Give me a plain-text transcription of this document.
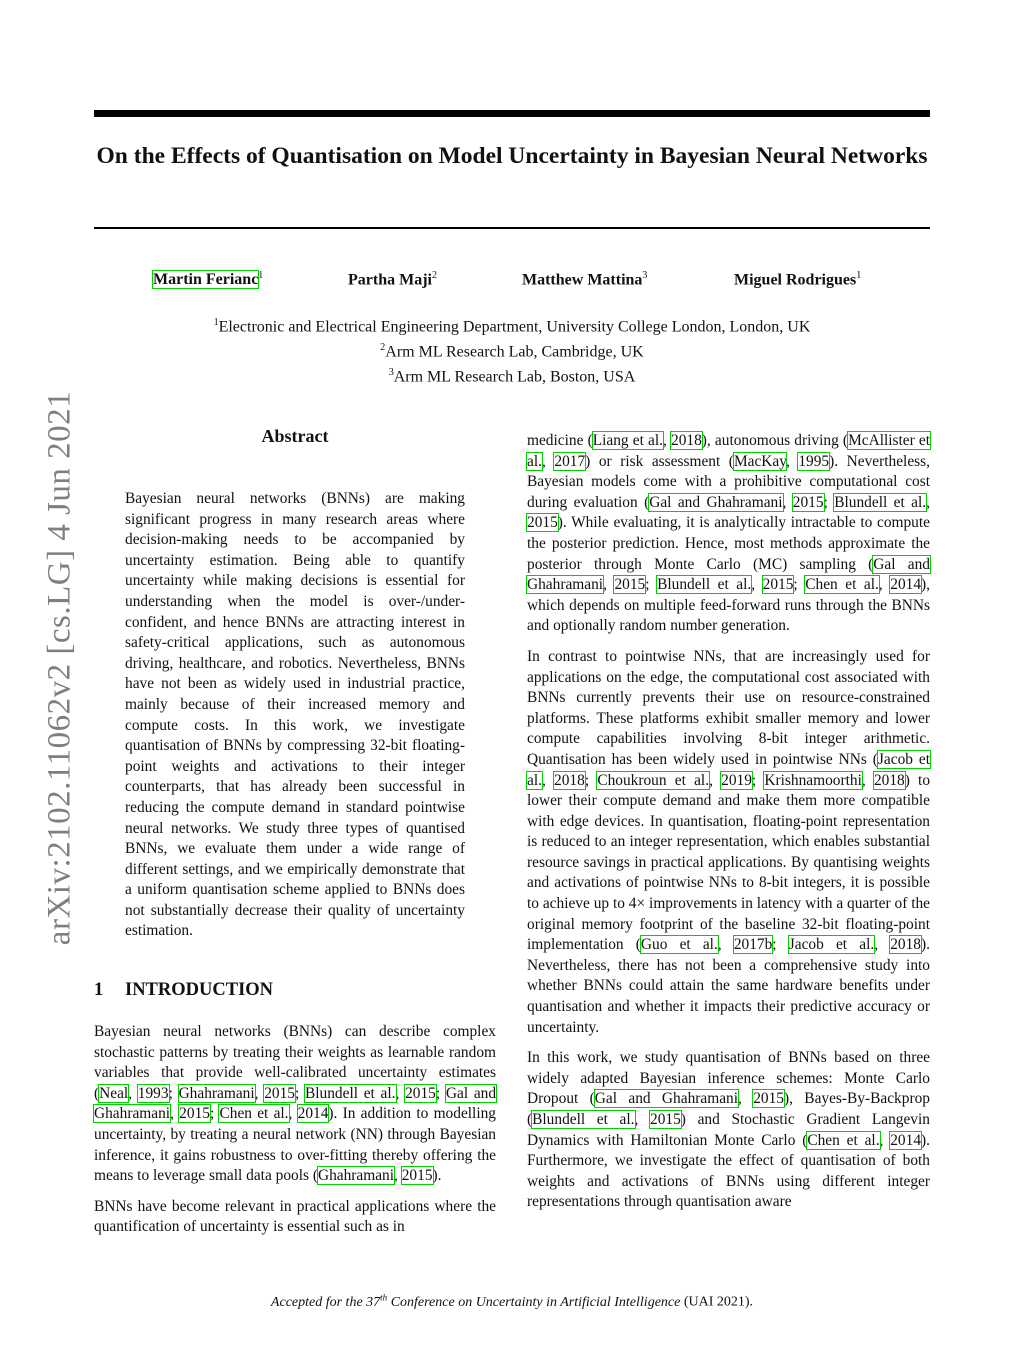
On the Effects of Quantisation on Model Uncertainty in Bayesian Neural Networks
Martin Ferianc$^1$	Partha Maji$^2$	Matthew Mattina$^3$	Miguel Rodrigues$^1$
$^1$Electronic and Electrical Engineering Department, University College London, London, UK
$^2$Arm ML Research Lab, Cambridge, UK
$^3$Arm ML Research Lab, Boston, USA
arXiv:2102.11062v2 [cs.LG] 4 Jun 2021	Abstract

Bayesian neural networks (BNNs) are making significant progress in many research areas where decision-making needs to be accompanied by uncertainty estimation. Being able to quantify uncertainty while making decisions is essential for understanding when the model is over-/under-confident, and hence BNNs are attracting interest in safety-critical applications, such as autonomous driving, healthcare, and robotics. Nevertheless, BNNs have not been as widely used in industrial practice, mainly because of their increased memory and compute costs. In this work, we investigate quantisation of BNNs by compressing 32-bit floating-point weights and activations to their integer counterparts, that has already been successful in reducing the compute demand in standard pointwise neural networks. We study three types of quantised BNNs, we evaluate them under a wide range of different settings, and we empirically demonstrate that a uniform quantisation scheme applied to BNNs does not substantially decrease their quality of uncertainty estimation.

1 INTRODUCTION

Bayesian neural networks (BNNs) can describe complex stochastic patterns by treating their weights as learnable random variables that provide well-calibrated uncertainty estimates (Neal, 1993; Ghahramani, 2015; Blundell et al., 2015; Gal and Ghahramani, 2015; Chen et al., 2014). In addition to modelling uncertainty, by treating a neural network (NN) through Bayesian inference, it gains robustness to over-fitting thereby offering the means to leverage small data pools (Ghahramani, 2015).

BNNs have become relevant in practical applications where the quantification of uncertainty is essential such as in

medicine (Liang et al., 2018), autonomous driving (McAllister et al., 2017) or risk assessment (MacKay, 1995). Nevertheless, Bayesian models come with a prohibitive computational cost during evaluation (Gal and Ghahramani, 2015; Blundell et al., 2015). While evaluating, it is analytically intractable to compute the posterior prediction. Hence, most methods approximate the posterior through Monte Carlo (MC) sampling (Gal and Ghahramani, 2015; Blundell et al., 2015; Chen et al., 2014), which depends on multiple feed-forward runs through the BNNs and optionally random number generation.

In contrast to pointwise NNs, that are increasingly used for applications on the edge, the computational cost associated with BNNs currently prevents their use on resource-constrained platforms. These platforms exhibit smaller memory and lower compute capabilities involving 8-bit integer arithmetic. Quantisation has been widely used in pointwise NNs (Jacob et al., 2018; Choukroun et al., 2019; Krishnamoorthi, 2018) to lower their compute demand and make them more compatible with edge devices. In quantisation, floating-point representation is reduced to an integer representation, which enables substantial resource savings in practical applications. By quantising weights and activations of pointwise NNs to 8-bit integers, it is possible to achieve up to 4× improvements in latency with a quarter of the original memory footprint of the baseline 32-bit floating-point implementation (Guo et al., 2017b; Jacob et al., 2018). Nevertheless, there has not been a comprehensive study into whether BNNs could attain the same hardware benefits under quantisation and whether it impacts their predictive accuracy or uncertainty.

In this work, we study quantisation of BNNs based on three widely adapted Bayesian inference schemes: Monte Carlo Dropout (Gal and Ghahramani, 2015), Bayes-By-Backprop (Blundell et al., 2015) and Stochastic Gradient Langevin Dynamics with Hamiltonian Monte Carlo (Chen et al., 2014). Furthermore, we investigate the effect of quantisation of both weights and activations of BNNs using different integer representations through quantisation aware

Accepted for the 37th Conference on Uncertainty in Artificial Intelligence (UAI 2021).
